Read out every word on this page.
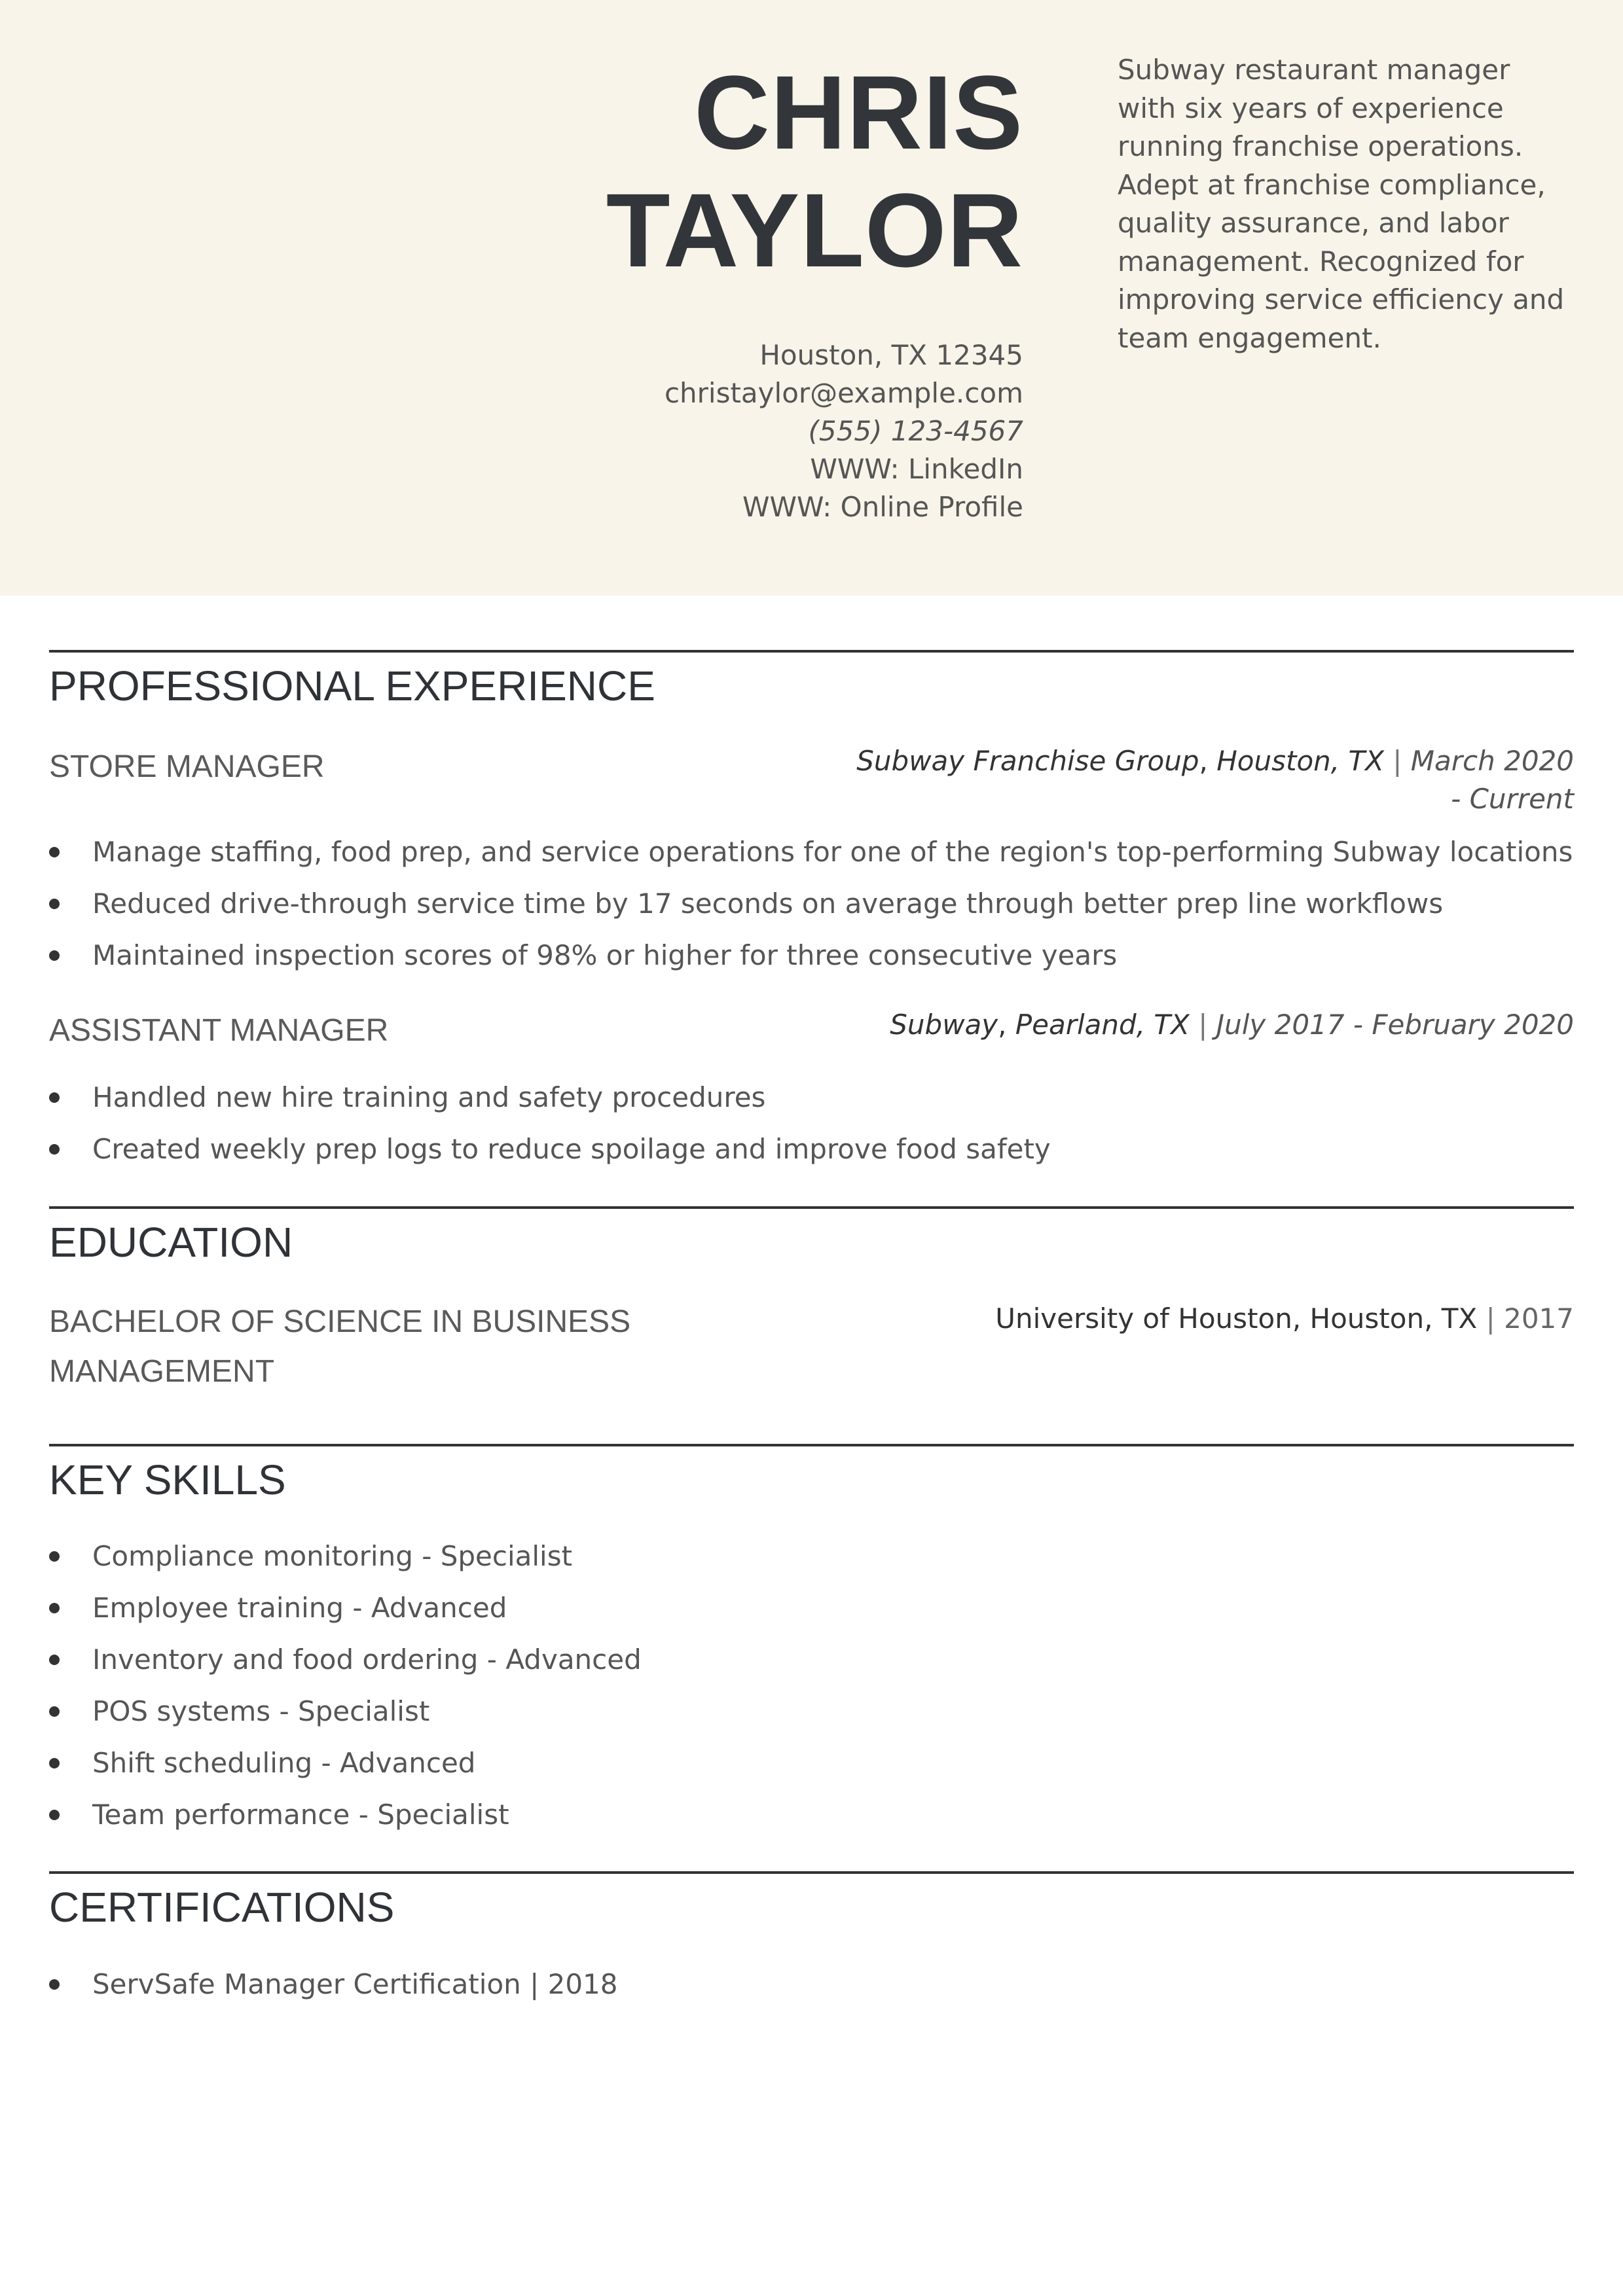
CHRIS
TAYLOR
Houston, TX 12345
christaylor@example.com
(555) 123-4567
WWW: LinkedIn
WWW: Online Profile
Subway restaurant manager with six years of experience running franchise operations. Adept at franchise compliance, quality assurance, and labor management. Recognized for improving service efficiency and team engagement.
PROFESSIONAL EXPERIENCE
STORE MANAGER	Subway Franchise Group, Houston, TX | March 2020
- Current
Manage staffing, food prep, and service operations for one of the region's top-performing Subway locations
Reduced drive-through service time by 17 seconds on average through better prep line workflows
Maintained inspection scores of 98% or higher for three consecutive years
ASSISTANT MANAGER	Subway, Pearland, TX | July 2017 - February 2020
Handled new hire training and safety procedures
Created weekly prep logs to reduce spoilage and improve food safety
EDUCATION
BACHELOR OF SCIENCE IN BUSINESS
MANAGEMENT
University of Houston, Houston, TX | 2017
KEY SKILLS
Compliance monitoring - Specialist
Employee training - Advanced
Inventory and food ordering - Advanced
POS systems - Specialist
Shift scheduling - Advanced
Team performance - Specialist
CERTIFICATIONS
ServSafe Manager Certification | 2018
